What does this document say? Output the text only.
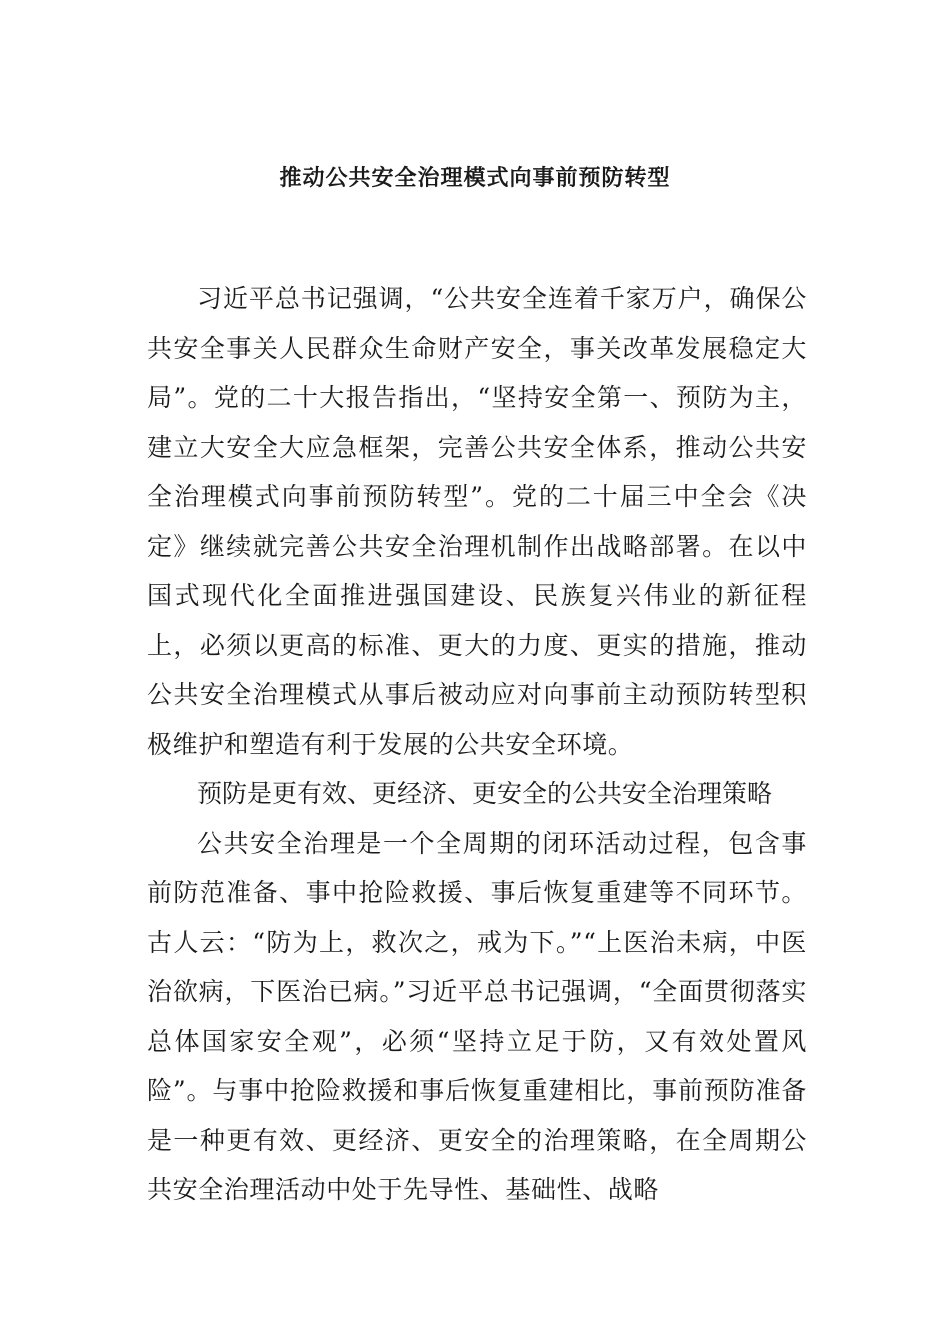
推动公共安全治理模式向事前预防转型

习近平总书记强调，“公共安全连着千家万户，确保公共安全事关人民群众生命财产安全，事关改革发展稳定大局”。党的二十大报告指出，“坚持安全第一、预防为主，建立大安全大应急框架，完善公共安全体系，推动公共安全治理模式向事前预防转型”。党的二十届三中全会《决定》继续就完善公共安全治理机制作出战略部署。在以中国式现代化全面推进强国建设、民族复兴伟业的新征程上，必须以更高的标准、更大的力度、更实的措施，推动公共安全治理模式从事后被动应对向事前主动预防转型积极维护和塑造有利于发展的公共安全环境。

预防是更有效、更经济、更安全的公共安全治理策略

公共安全治理是一个全周期的闭环活动过程，包含事前防范准备、事中抢险救援、事后恢复重建等不同环节。古人云：“防为上，救次之，戒为下。”“上医治未病，中医治欲病，下医治已病。”习近平总书记强调，“全面贯彻落实总体国家安全观”，必须“坚持立足于防，又有效处置风险”。与事中抢险救援和事后恢复重建相比，事前预防准备是一种更有效、更经济、更安全的治理策略，在全周期公共安全治理活动中处于先导性、基础性、战略
